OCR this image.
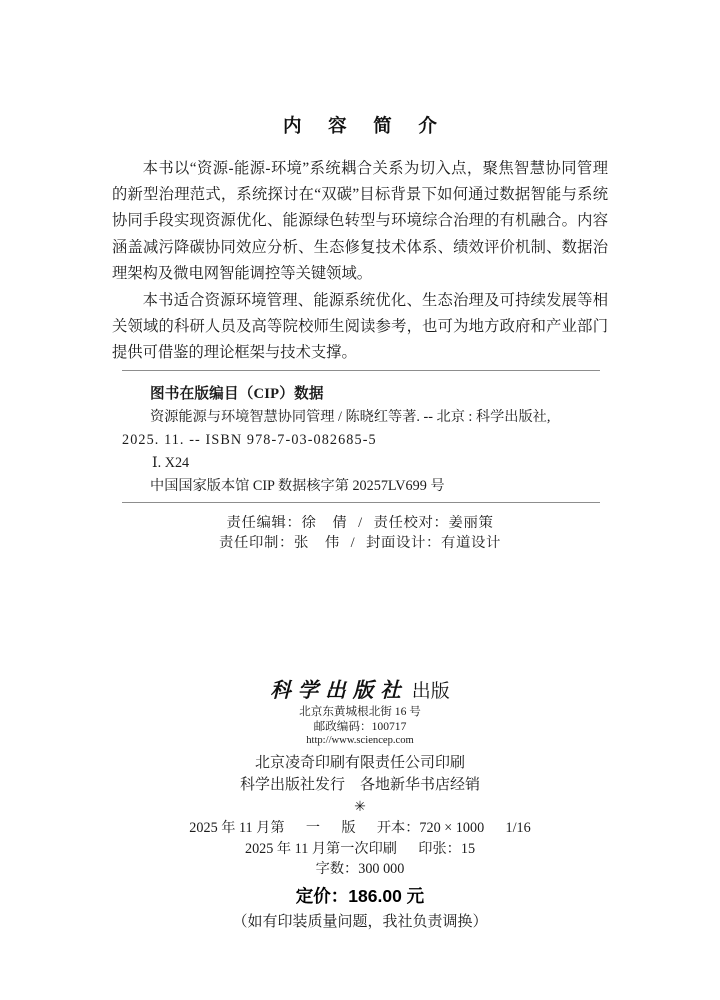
内 容 简 介

本书以“资源-能源-环境”系统耦合关系为切入点，聚焦智慧协同管理的新型治理范式，系统探讨在“双碳”目标背景下如何通过数据智能与系统协同手段实现资源优化、能源绿色转型与环境综合治理的有机融合。内容涵盖减污降碳协同效应分析、生态修复技术体系、绩效评价机制、数据治理架构及微电网智能调控等关键领域。

本书适合资源环境管理、能源系统优化、生态治理及可持续发展等相关领域的科研人员及高等院校师生阅读参考，也可为地方政府和产业部门提供可借鉴的理论框架与技术支撑。

图书在版编目（CIP）数据

资源能源与环境智慧协同管理 / 陈晓红等著. -- 北京 : 科学出版社,

2025. 11. -- ISBN 978-7-03-082685-5

Ⅰ. X24

中国国家版本馆 CIP 数据核字第 20257LV699 号

责任编辑：徐 倩 / 责任校对：姜丽策
责任印制：张 伟 / 封面设计：有道设计
科学出版社 出版
北京东黄城根北街 16 号
邮政编码：100717
http://www.sciencep.com
北京凌奇印刷有限责任公司印刷
科学出版社发行　各地新华书店经销
✳
2025 年 11 月第 一 版 开本：720 × 1000 1/16
2025 年 11 月第一次印刷 印张：15
字数：300 000
定价：186.00 元
（如有印装质量问题，我社负责调换）
